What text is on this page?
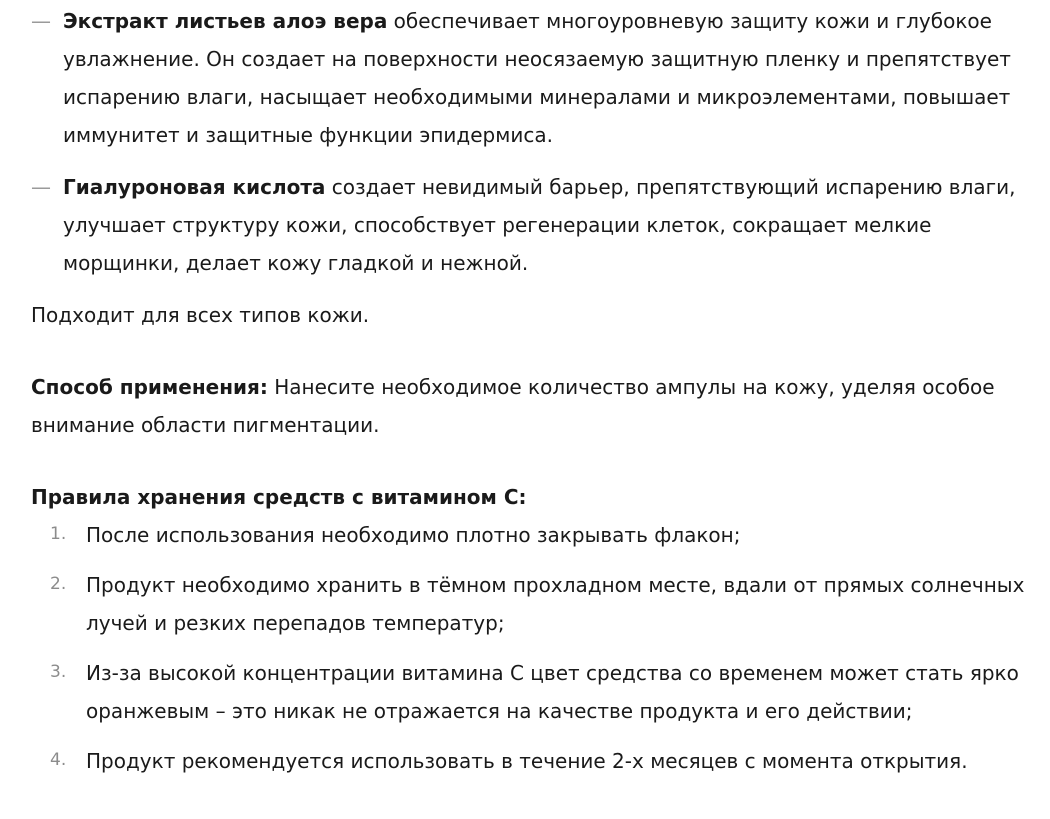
— Экстракт листьев алоэ вера обеспечивает многоуровневую защиту кожи и глубокое увлажнение. Он создает на поверхности неосязаемую защитную пленку и препятствует испарению влаги, насыщает необходимыми минералами и микроэлементами, повышает иммунитет и защитные функции эпидермиса.
— Гиалуроновая кислота создает невидимый барьер, препятствующий испарению влаги, улучшает структуру кожи, способствует регенерации клеток, сокращает мелкие морщинки, делает кожу гладкой и нежной.

Подходит для всех типов кожи.

Способ применения: Нанесите необходимое количество ампулы на кожу, уделяя особое внимание области пигментации.

Правила хранения средств с витамином С:

1. После использования необходимо плотно закрывать флакон;
2. Продукт необходимо хранить в тёмном прохладном месте, вдали от прямых солнечных лучей и резких перепадов температур;
3. Из-за высокой концентрации витамина С цвет средства со временем может стать ярко оранжевым – это никак не отражается на качестве продукта и его действии;
4. Продукт рекомендуется использовать в течение 2-х месяцев с момента открытия.
